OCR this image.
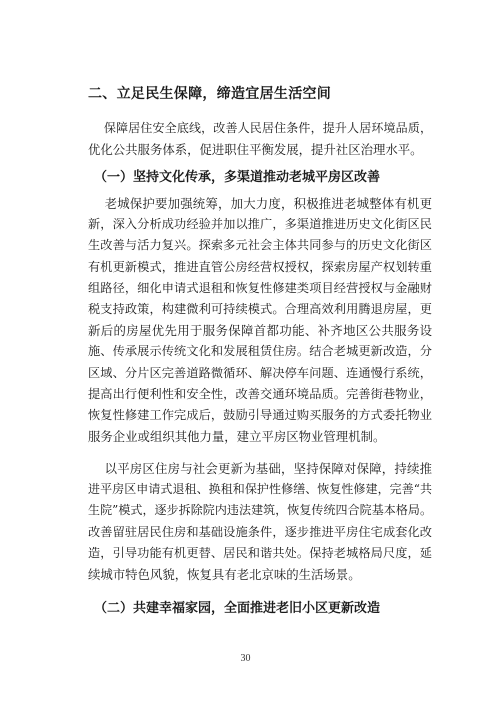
二、立足民生保障，缔造宜居生活空间
保障居住安全底线，改善人民居住条件，提升人居环境品质，
优化公共服务体系，促进职住平衡发展，提升社区治理水平。
（一）坚持文化传承，多渠道推动老城平房区改善
老城保护要加强统筹，加大力度，积极推进老城整体有机更
新，深入分析成功经验并加以推广，多渠道推进历史文化街区民
生改善与活力复兴。探索多元社会主体共同参与的历史文化街区
有机更新模式，推进直管公房经营权授权，探索房屋产权划转重
组路径，细化申请式退租和恢复性修建类项目经营授权与金融财
税支持政策，构建微利可持续模式。合理高效利用腾退房屋，更
新后的房屋优先用于服务保障首都功能、补齐地区公共服务设
施、传承展示传统文化和发展租赁住房。结合老城更新改造，分
区域、分片区完善道路微循环、解决停车问题、连通慢行系统，
提高出行便利性和安全性，改善交通环境品质。完善街巷物业，
恢复性修建工作完成后，鼓励引导通过购买服务的方式委托物业
服务企业或组织其他力量，建立平房区物业管理机制。
以平房区住房与社会更新为基础，坚持保障对保障，持续推
进平房区申请式退租、换租和保护性修缮、恢复性修建，完善“共
生院”模式，逐步拆除院内违法建筑，恢复传统四合院基本格局。
改善留驻居民住房和基础设施条件，逐步推进平房住宅成套化改
造，引导功能有机更替、居民和谐共处。保持老城格局尺度，延
续城市特色风貌，恢复具有老北京味的生活场景。
（二）共建幸福家园，全面推进老旧小区更新改造
30
